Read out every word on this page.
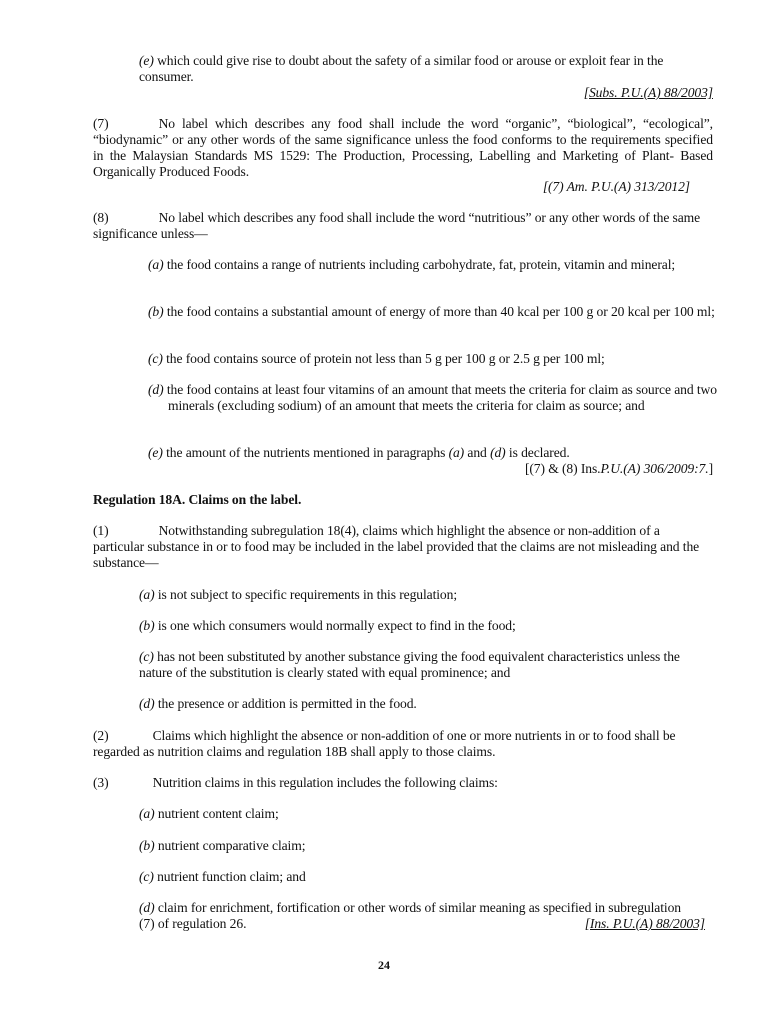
(e) which could give rise to doubt about the safety of a similar food or arouse or exploit fear in the consumer.
[Subs. P.U.(A) 88/2003]
(7)	No label which describes any food shall include the word “organic”, “biological”, “ecological”, “biodynamic” or any other words of the same significance unless the food conforms to the requirements specified in the Malaysian Standards MS 1529: The Production, Processing, Labelling and Marketing of Plant- Based Organically Produced Foods.
[(7) Am. P.U.(A) 313/2012]
(8)	No label which describes any food shall include the word “nutritious” or any other words of the same significance unless—
(a) the food contains a range of nutrients including carbohydrate, fat, protein, vitamin and mineral;
(b) the food contains a substantial amount of energy of more than 40 kcal per 100 g or 20 kcal per 100 ml;
(c) the food contains source of protein not less than 5 g per 100 g or 2.5 g per 100 ml;
(d) the food contains at least four vitamins of an amount that meets the criteria for claim as source and two minerals (excluding sodium) of an amount that meets the criteria for claim as source; and
(e) the amount of the nutrients mentioned in paragraphs (a) and (d) is declared.
[(7) & (8) Ins.P.U.(A) 306/2009:7.]
Regulation 18A. Claims on the label.
(1)	Notwithstanding subregulation 18(4), claims which highlight the absence or non-addition of a particular substance in or to food may be included in the label provided that the claims are not misleading and the substance—
(a) is not subject to specific requirements in this regulation;
(b) is one which consumers would normally expect to find in the food;
(c) has not been substituted by another substance giving the food equivalent characteristics unless the nature of the substitution is clearly stated with equal prominence; and
(d) the presence or addition is permitted in the food.
(2)	Claims which highlight the absence or non-addition of one or more nutrients in or to food shall be regarded as nutrition claims and regulation 18B shall apply to those claims.
(3)	Nutrition claims in this regulation includes the following claims:
(a) nutrient content claim;
(b) nutrient comparative claim;
(c) nutrient function claim; and
(d) claim for enrichment, fortification or other words of similar meaning as specified in subregulation (7) of regulation 26.	[Ins. P.U.(A) 88/2003]
24
